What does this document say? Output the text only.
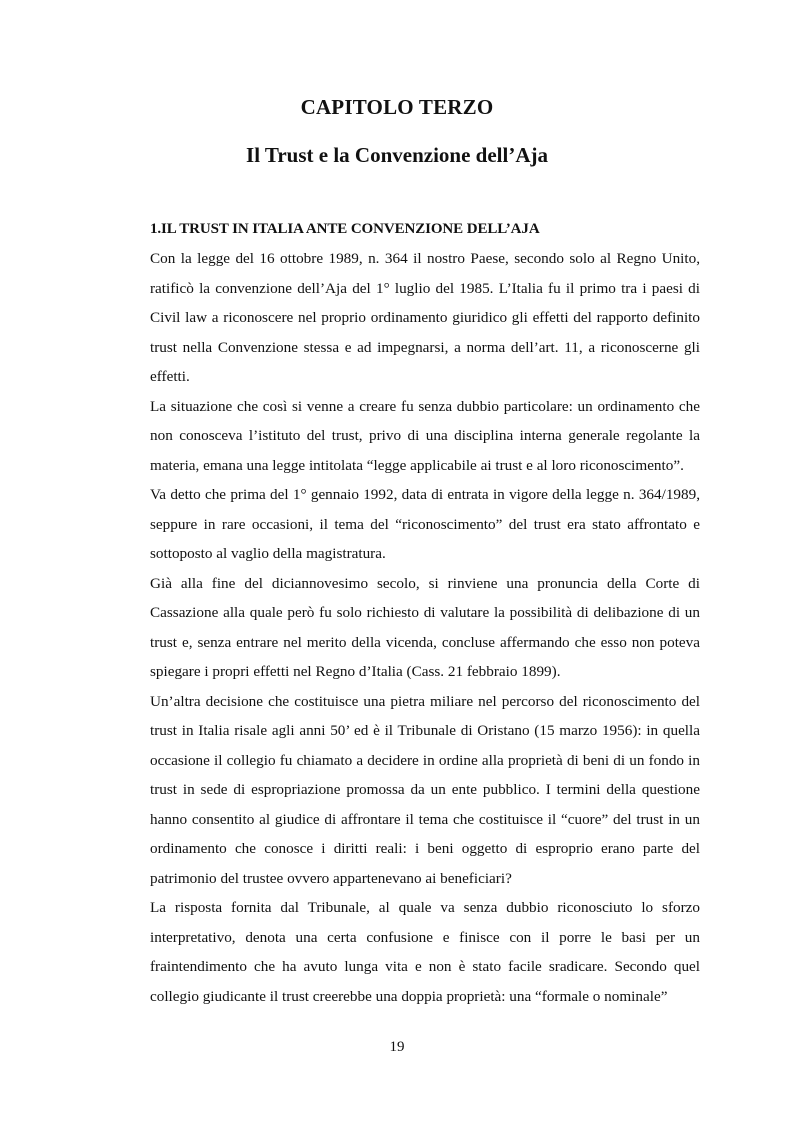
CAPITOLO TERZO
Il Trust e la Convenzione dell’Aja
1.IL TRUST IN ITALIA ANTE CONVENZIONE DELL’AJA

Con la legge del 16 ottobre 1989, n. 364 il nostro Paese, secondo solo al Regno Unito, ratificò la convenzione dell’Aja del 1° luglio del 1985. L’Italia fu il primo tra i paesi di Civil law a riconoscere nel proprio ordinamento giuridico gli effetti del rapporto definito trust nella Convenzione stessa e ad impegnarsi, a norma dell’art. 11, a riconoscerne gli effetti.

La situazione che così si venne a creare fu senza dubbio particolare: un ordinamento che non conosceva l’istituto del trust, privo di una disciplina interna generale regolante la materia, emana una legge intitolata “legge applicabile ai trust e al loro riconoscimento”.

Va detto che prima del 1° gennaio 1992, data di entrata in vigore della legge n. 364/1989, seppure in rare occasioni, il tema del “riconoscimento” del trust era stato affrontato e sottoposto al vaglio della magistratura.

Già alla fine del diciannovesimo secolo, si rinviene una pronuncia della Corte di Cassazione alla quale però fu solo richiesto di valutare la possibilità di delibazione di un trust e, senza entrare nel merito della vicenda, concluse affermando che esso non poteva spiegare i propri effetti nel Regno d’Italia (Cass. 21 febbraio 1899).

Un’altra decisione che costituisce una pietra miliare nel percorso del riconoscimento del trust in Italia risale agli anni 50’ ed è il Tribunale di Oristano (15 marzo 1956): in quella occasione il collegio fu chiamato a decidere in ordine alla proprietà di beni di un fondo in trust in sede di espropriazione promossa da un ente pubblico. I termini della questione hanno consentito al giudice di affrontare il tema che costituisce il “cuore” del trust in un ordinamento che conosce i diritti reali: i beni oggetto di esproprio erano parte del patrimonio del trustee ovvero appartenevano ai beneficiari?

La risposta fornita dal Tribunale, al quale va senza dubbio riconosciuto lo sforzo interpretativo, denota una certa confusione e finisce con il porre le basi per un fraintendimento che ha avuto lunga vita e non è stato facile sradicare. Secondo quel collegio giudicante il trust creerebbe una doppia proprietà: una “formale o nominale”

19
